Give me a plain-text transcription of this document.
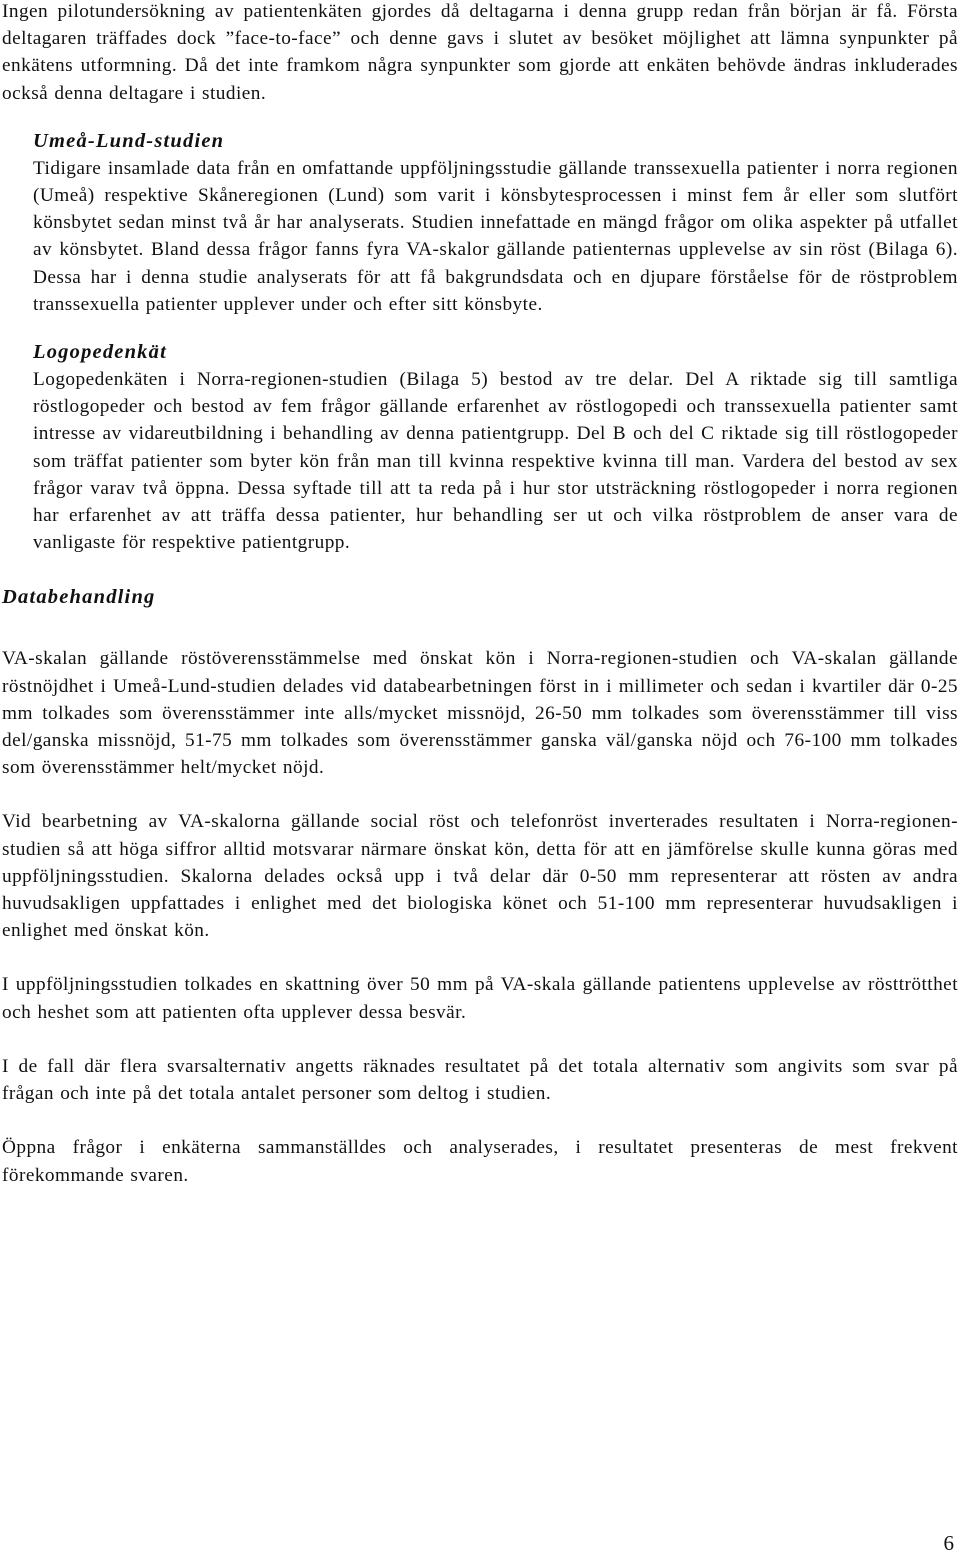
Ingen pilotundersökning av patientenkäten gjordes då deltagarna i denna grupp redan från början är få. Första deltagaren träffades dock ”face-to-face” och denne gavs i slutet av besöket möjlighet att lämna synpunkter på enkätens utformning. Då det inte framkom några synpunkter som gjorde att enkäten behövde ändras inkluderades också denna deltagare i studien.

Umeå-Lund-studien

Tidigare insamlade data från en omfattande uppföljningsstudie gällande transsexuella patienter i norra regionen (Umeå) respektive Skåneregionen (Lund) som varit i könsbytesprocessen i minst fem år eller som slutfört könsbytet sedan minst två år har analyserats. Studien innefattade en mängd frågor om olika aspekter på utfallet av könsbytet. Bland dessa frågor fanns fyra VA-skalor gällande patienternas upplevelse av sin röst (Bilaga 6). Dessa har i denna studie analyserats för att få bakgrundsdata och en djupare förståelse för de röstproblem transsexuella patienter upplever under och efter sitt könsbyte.

Logopedenkät

Logopedenkäten i Norra-regionen-studien (Bilaga 5) bestod av tre delar. Del A riktade sig till samtliga röstlogopeder och bestod av fem frågor gällande erfarenhet av röstlogopedi och transsexuella patienter samt intresse av vidareutbildning i behandling av denna patientgrupp. Del B och del C riktade sig till röstlogopeder som träffat patienter som byter kön från man till kvinna respektive kvinna till man. Vardera del bestod av sex frågor varav två öppna. Dessa syftade till att ta reda på i hur stor utsträckning röstlogopeder i norra regionen har erfarenhet av att träffa dessa patienter, hur behandling ser ut och vilka röstproblem de anser vara de vanligaste för respektive patientgrupp.

Databehandling

VA-skalan gällande röstöverensstämmelse med önskat kön i Norra-regionen-studien och VA-skalan gällande röstnöjdhet i Umeå-Lund-studien delades vid databearbetningen först in i millimeter och sedan i kvartiler där 0-25 mm tolkades som överensstämmer inte alls/mycket missnöjd, 26-50 mm tolkades som överensstämmer till viss del/ganska missnöjd, 51-75 mm tolkades som överensstämmer ganska väl/ganska nöjd och 76-100 mm tolkades som överensstämmer helt/mycket nöjd.

Vid bearbetning av VA-skalorna gällande social röst och telefonröst inverterades resultaten i Norra-regionen-studien så att höga siffror alltid motsvarar närmare önskat kön, detta för att en jämförelse skulle kunna göras med uppföljningsstudien. Skalorna delades också upp i två delar där 0-50 mm representerar att rösten av andra huvudsakligen uppfattades i enlighet med det biologiska könet och 51-100 mm representerar huvudsakligen i enlighet med önskat kön.

I uppföljningsstudien tolkades en skattning över 50 mm på VA-skala gällande patientens upplevelse av rösttrötthet och heshet som att patienten ofta upplever dessa besvär.

I de fall där flera svarsalternativ angetts räknades resultatet på det totala alternativ som angivits som svar på frågan och inte på det totala antalet personer som deltog i studien.

Öppna frågor i enkäterna sammanställdes och analyserades, i resultatet presenteras de mest frekvent förekommande svaren.

6
